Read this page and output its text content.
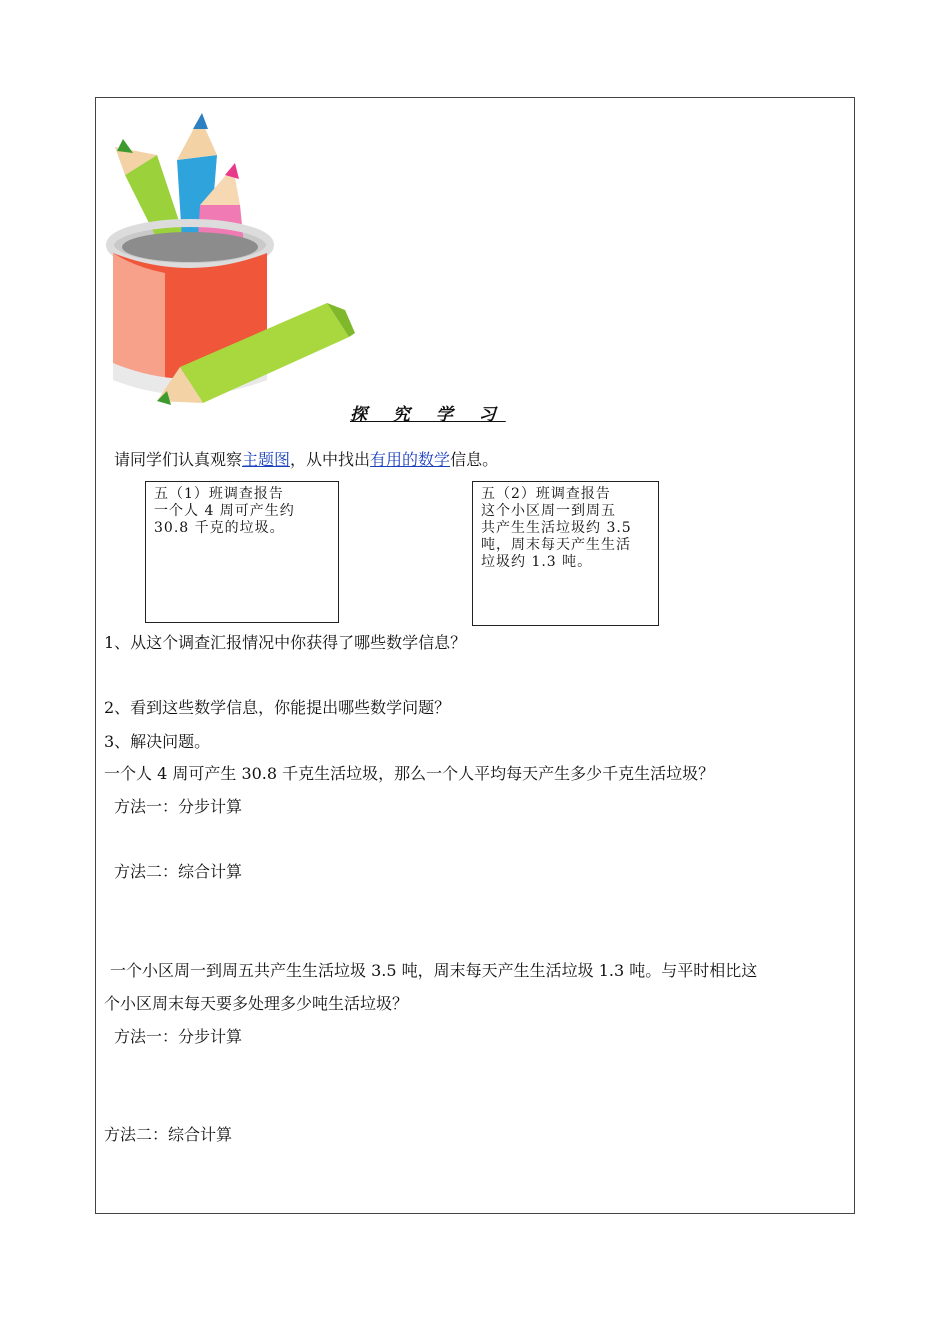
探 究 学 习
请同学们认真观察主题图，从中找出有用的数学信息。
五（1）班调查报告
一个人 4 周可产生约
30.8 千克的垃圾。
五（2）班调查报告
这个小区周一到周五
共产生生活垃圾约 3.5
吨，周末每天产生生活
垃圾约 1.3 吨。
1、从这个调查汇报情况中你获得了哪些数学信息？
2、看到这些数学信息，你能提出哪些数学问题？
3、解决问题。
一个人 4 周可产生 30.8 千克生活垃圾，那么一个人平均每天产生多少千克生活垃圾？
方法一：分步计算
方法二：综合计算
一个小区周一到周五共产生生活垃圾 3.5 吨，周末每天产生生活垃圾 1.3 吨。与平时相比这
个小区周末每天要多处理多少吨生活垃圾？
方法一：分步计算
方法二：综合计算
